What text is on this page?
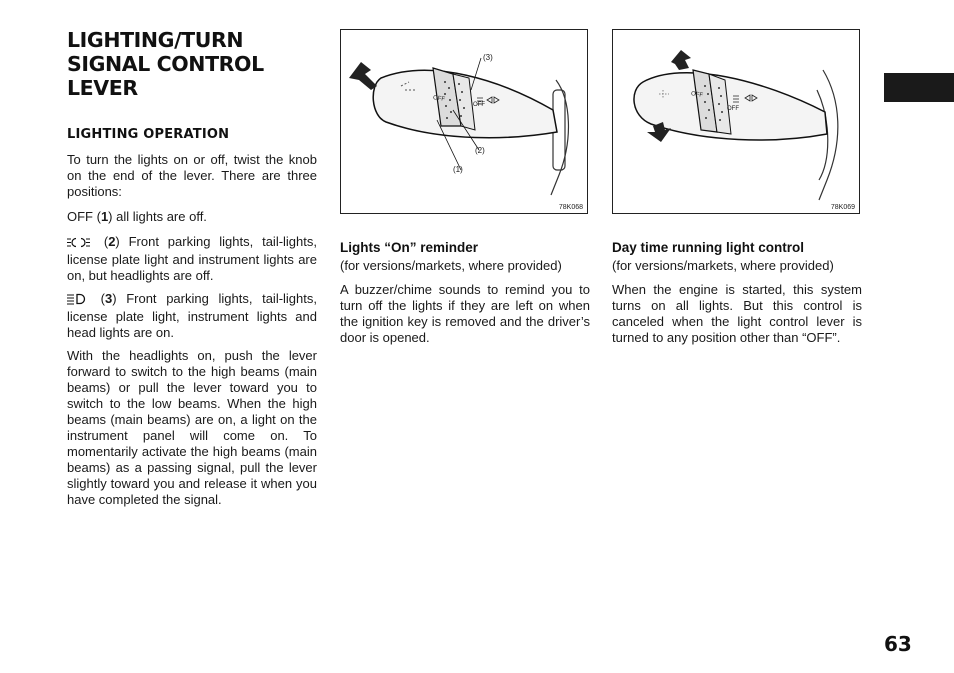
LIGHTING/TURN
SIGNAL CONTROL
LEVER
LIGHTING OPERATION
To turn the lights on or off, twist the knob on the end of the lever. There are three positions:
OFF (1) all lights are off.
(2) Front parking lights, tail-lights, license plate light and instrument lights are on, but headlights are off.
(3) Front parking lights, tail-lights, license plate light, instrument lights and head lights are on.
With the headlights on, push the lever forward to switch to the high beams (main beams) or pull the lever toward you to switch to the low beams. When the high beams (main beams) are on, a light on the instrument panel will come on. To momentarily activate the high beams (main beams) as a passing signal, pull the lever slightly toward you and release it when you have completed the signal.
(3)
(2)
(1)
OFF
OFF
78K068
OFF
OFF
78K069
Lights “On” reminder
(for versions/markets, where provided)
A buzzer/chime sounds to remind you to turn off the lights if they are left on when the ignition key is removed and the driver’s door is opened.
Day time running light control
(for versions/markets, where provided)
When the engine is started, this system turns on all lights. But this control is canceled when the light control lever is turned to any position other than “OFF”.
63
